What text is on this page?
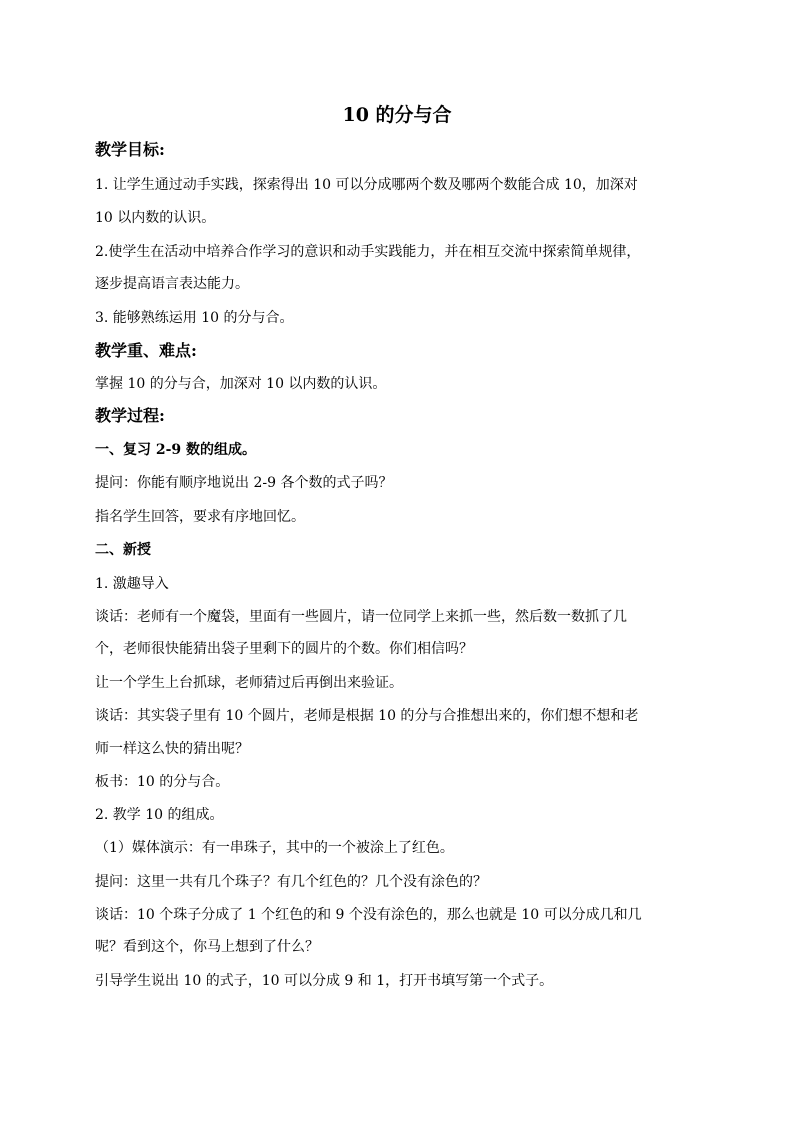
10 的分与合
教学目标:
1. 让学生通过动手实践，探索得出 10 可以分成哪两个数及哪两个数能合成 10，加深对
10 以内数的认识。
2.使学生在活动中培养合作学习的意识和动手实践能力，并在相互交流中探索简单规律，
逐步提高语言表达能力。
3. 能够熟练运用 10 的分与合。
教学重、难点:
掌握 10 的分与合，加深对 10 以内数的认识。
教学过程:
一、复习 2-9 数的组成。
提问：你能有顺序地说出 2-9 各个数的式子吗？
指名学生回答，要求有序地回忆。
二、新授
1. 激趣导入
谈话：老师有一个魔袋，里面有一些圆片，请一位同学上来抓一些，然后数一数抓了几
个，老师很快能猜出袋子里剩下的圆片的个数。你们相信吗？
让一个学生上台抓球，老师猜过后再倒出来验证。
谈话：其实袋子里有 10 个圆片，老师是根据 10 的分与合推想出来的，你们想不想和老
师一样这么快的猜出呢？
板书：10 的分与合。
2. 教学 10 的组成。
（1）媒体演示：有一串珠子，其中的一个被涂上了红色。
提问：这里一共有几个珠子？有几个红色的？几个没有涂色的？
谈话：10 个珠子分成了 1 个红色的和 9 个没有涂色的，那么也就是 10 可以分成几和几
呢？看到这个，你马上想到了什么？
引导学生说出 10 的式子，10 可以分成 9 和 1，打开书填写第一个式子。
